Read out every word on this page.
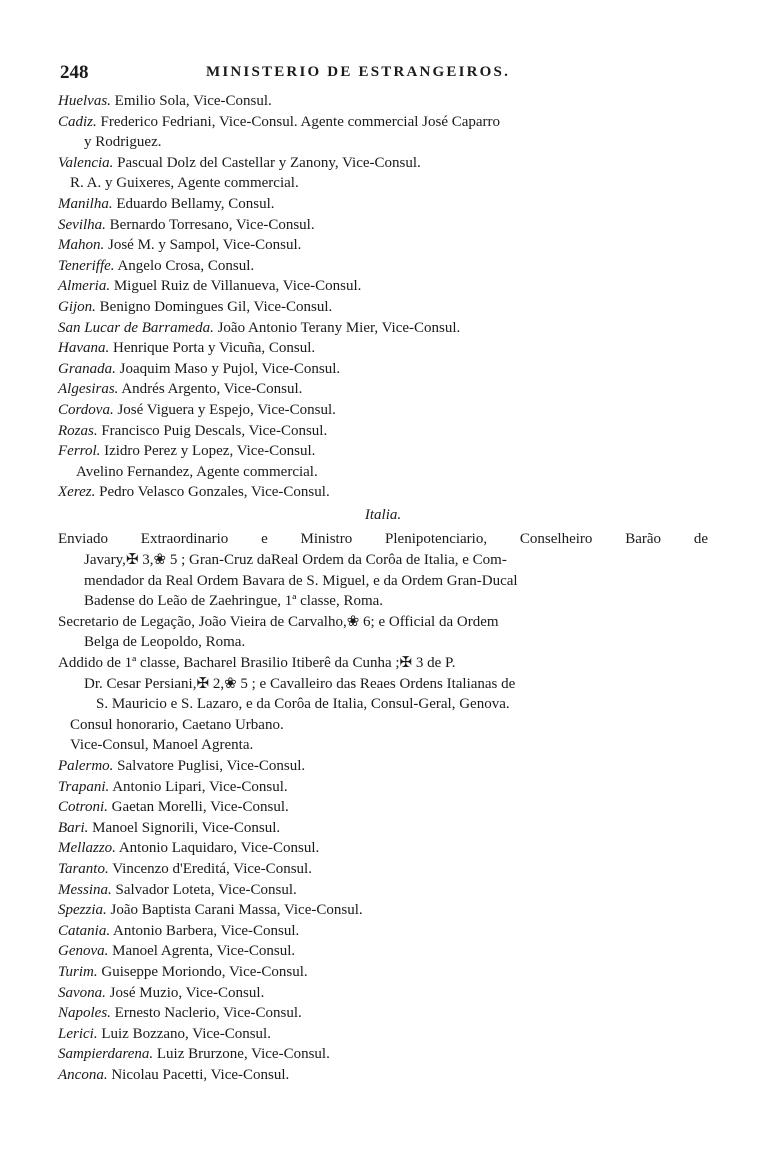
248	MINISTERIO DE ESTRANGEIROS.
Huelvas. Emilio Sola, Vice-Consul.
Cadiz. Frederico Fedriani, Vice-Consul. Agente commercial José Caparro
y Rodriguez.
Valencia. Pascual Dolz del Castellar y Zanony, Vice-Consul.
R. A. y Guixeres, Agente commercial.
Manilha. Eduardo Bellamy, Consul.
Sevilha. Bernardo Torresano, Vice-Consul.
Mahon. José M. y Sampol, Vice-Consul.
Teneriffe. Angelo Crosa, Consul.
Almeria. Miguel Ruiz de Villanueva, Vice-Consul.
Gijon. Benigno Domingues Gil, Vice-Consul.
San Lucar de Barrameda. João Antonio Terany Mier, Vice-Consul.
Havana. Henrique Porta y Vicuña, Consul.
Granada. Joaquim Maso y Pujol, Vice-Consul.
Algesiras. Andrés Argento, Vice-Consul.
Cordova. José Viguera y Espejo, Vice-Consul.
Rozas. Francisco Puig Descals, Vice-Consul.
Ferrol. Izidro Perez y Lopez, Vice-Consul.
Avelino Fernandez, Agente commercial.
Xerez. Pedro Velasco Gonzales, Vice-Consul.
Italia.
Enviado Extraordinario e Ministro Plenipotenciario, Conselheiro Barão de
Javary,✠ 3,❀ 5 ; Gran-Cruz daReal Ordem da Corôa de Italia, e Com-
mendador da Real Ordem Bavara de S. Miguel, e da Ordem Gran-Ducal
Badense do Leão de Zaehringue, 1ª classe, Roma.
Secretario de Legação, João Vieira de Carvalho,❀ 6; e Official da Ordem
Belga de Leopoldo, Roma.
Addido de 1ª classe, Bacharel Brasilio Itiberê da Cunha ;✠ 3 de P.
Dr. Cesar Persiani,✠ 2,❀ 5 ; e Cavalleiro das Reaes Ordens Italianas de
S. Mauricio e S. Lazaro, e da Corôa de Italia, Consul-Geral, Genova.
Consul honorario, Caetano Urbano.
Vice-Consul, Manoel Agrenta.
Palermo. Salvatore Puglisi, Vice-Consul.
Trapani. Antonio Lipari, Vice-Consul.
Cotroni. Gaetan Morelli, Vice-Consul.
Bari. Manoel Signorili, Vice-Consul.
Mellazzo. Antonio Laquidaro, Vice-Consul.
Taranto. Vincenzo d'Ereditá, Vice-Consul.
Messina. Salvador Loteta, Vice-Consul.
Spezzia. João Baptista Carani Massa, Vice-Consul.
Catania. Antonio Barbera, Vice-Consul.
Genova. Manoel Agrenta, Vice-Consul.
Turim. Guiseppe Moriondo, Vice-Consul.
Savona. José Muzio, Vice-Consul.
Napoles. Ernesto Naclerio, Vice-Consul.
Lerici. Luiz Bozzano, Vice-Consul.
Sampierdarena. Luiz Brurzone, Vice-Consul.
Ancona. Nicolau Pacetti, Vice-Consul.
